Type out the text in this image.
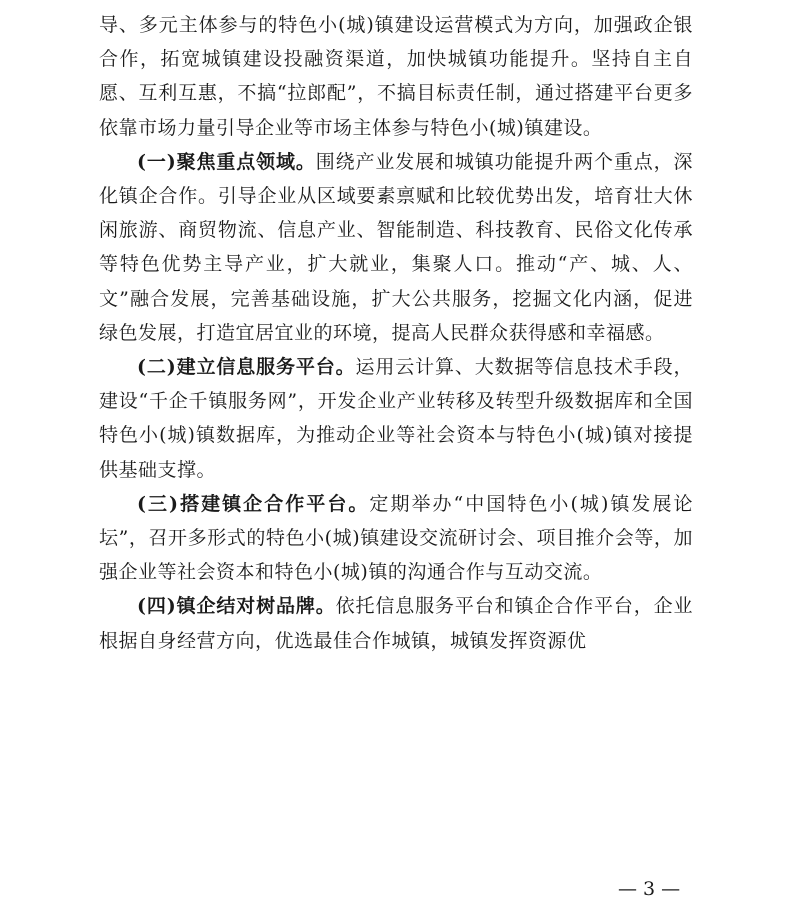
导、多元主体参与的特色小(城)镇建设运营模式为方向，加强政企银合作，拓宽城镇建设投融资渠道，加快城镇功能提升。坚持自主自愿、互利互惠，不搞“拉郎配”，不搞目标责任制，通过搭建平台更多依靠市场力量引导企业等市场主体参与特色小(城)镇建设。

(一)聚焦重点领域。围绕产业发展和城镇功能提升两个重点，深化镇企合作。引导企业从区域要素禀赋和比较优势出发，培育壮大休闲旅游、商贸物流、信息产业、智能制造、科技教育、民俗文化传承等特色优势主导产业，扩大就业，集聚人口。推动“产、城、人、文”融合发展，完善基础设施，扩大公共服务，挖掘文化内涵，促进绿色发展，打造宜居宜业的环境，提高人民群众获得感和幸福感。

(二)建立信息服务平台。运用云计算、大数据等信息技术手段，建设“千企千镇服务网”，开发企业产业转移及转型升级数据库和全国特色小(城)镇数据库，为推动企业等社会资本与特色小(城)镇对接提供基础支撑。

(三)搭建镇企合作平台。定期举办“中国特色小(城)镇发展论坛”，召开多形式的特色小(城)镇建设交流研讨会、项目推介会等，加强企业等社会资本和特色小(城)镇的沟通合作与互动交流。

(四)镇企结对树品牌。依托信息服务平台和镇企合作平台，企业根据自身经营方向，优选最佳合作城镇，城镇发挥资源优

— 3 —
